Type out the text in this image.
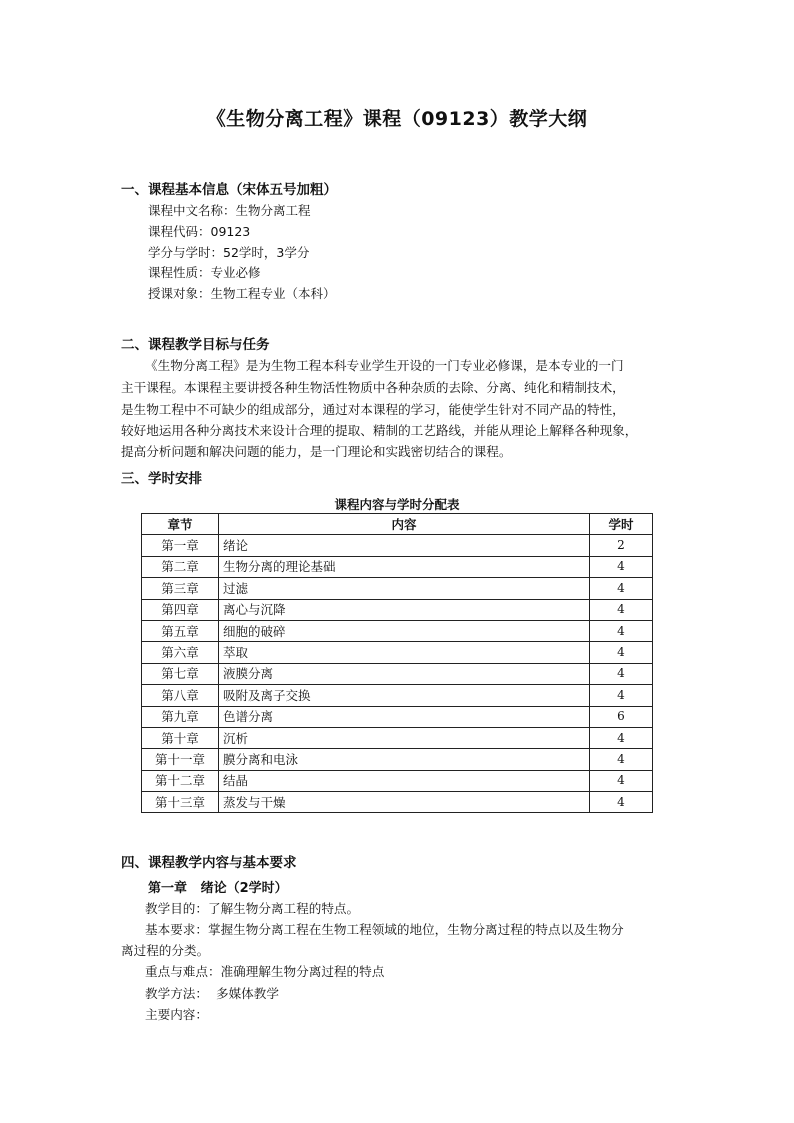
《生物分离工程》课程（09123）教学大纲
一、课程基本信息（宋体五号加粗）
课程中文名称：生物分离工程
课程代码：09123
学分与学时：52学时，3学分
课程性质：专业必修
授课对象：生物工程专业（本科）
二、课程教学目标与任务
《生物分离工程》是为生物工程本科专业学生开设的一门专业必修课，是本专业的一门
主干课程。本课程主要讲授各种生物活性物质中各种杂质的去除、分离、纯化和精制技术，
是生物工程中不可缺少的组成部分，通过对本课程的学习，能使学生针对不同产品的特性，
较好地运用各种分离技术来设计合理的提取、精制的工艺路线，并能从理论上解释各种现象，
提高分析问题和解决问题的能力，是一门理论和实践密切结合的课程。
三、学时安排
课程内容与学时分配表
章节	内容	学时
第一章	绪论	2
第二章	生物分离的理论基础	4
第三章	过滤	4
第四章	离心与沉降	4
第五章	细胞的破碎	4
第六章	萃取	4
第七章	液膜分离	4
第八章	吸附及离子交换	4
第九章	色谱分离	6
第十章	沉析	4
第十一章	膜分离和电泳	4
第十二章	结晶	4
第十三章	蒸发与干燥	4
四、课程教学内容与基本要求
第一章   绪论（2学时）
教学目的：了解生物分离工程的特点。
基本要求：掌握生物分离工程在生物工程领域的地位，生物分离过程的特点以及生物分
离过程的分类。
重点与难点：准确理解生物分离过程的特点
教学方法：  多媒体教学
主要内容：
